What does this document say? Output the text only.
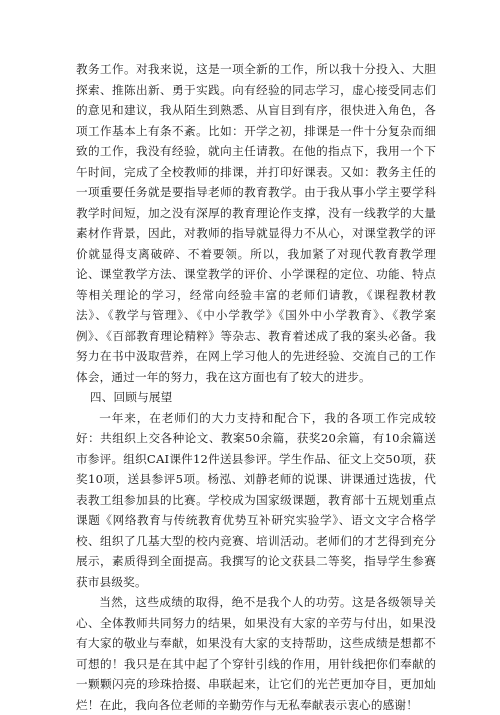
教务工作。对我来说，这是一项全新的工作，所以我十分投入、大胆探索、推陈出新、勇于实践。向有经验的同志学习，虚心接受同志们的意见和建议，我从陌生到熟悉、从盲目到有序，很快进入角色，各项工作基本上有条不紊。比如：开学之初，排课是一件十分复杂而细致的工作，我没有经验，就向主任请教。在他的指点下，我用一个下午时间，完成了全校教师的排课，并打印好课表。又如：教务主任的一项重要任务就是要指导老师的教育教学。由于我从事小学主要学科教学时间短，加之没有深厚的教育理论作支撑，没有一线教学的大量素材作背景，因此，对教师的指导就显得力不从心，对课堂教学的评价就显得支离破碎、不着要领。所以，我加紧了对现代教育教学理论、课堂教学方法、课堂教学的评价、小学课程的定位、功能、特点等相关理论的学习，经常向经验丰富的老师们请教，《课程教材教法》、《教学与管理》、《中小学教学》《国外中小学教育》、《教学案例》、《百部教育理论精粹》等杂志、教育着述成了我的案头必备。我努力在书中汲取营养，在网上学习他人的先进经验、交流自己的工作体会，通过一年的努力，我在这方面也有了较大的进步。

四、回顾与展望

一年来，在老师们的大力支持和配合下，我的各项工作完成较好：共组织上交各种论文、教案50余篇，获奖20余篇，有10余篇送市参评。组织CAI课件12件送县参评。学生作品、征文上交50项，获奖10项，送县参评5项。杨泓、刘静老师的说课、讲课通过选拔，代表教工组参加县的比赛。学校成为国家级课题，教育部十五规划重点课题《网络教育与传统教育优势互补研究实验学》、语文文字合格学校、组织了几基大型的校内竞赛、培训活动。老师们的才艺得到充分展示，素质得到全面提高。我撰写的论文获县二等奖，指导学生参赛获市县级奖。

当然，这些成绩的取得，绝不是我个人的功劳。这是各级领导关心、全体教师共同努力的结果，如果没有大家的辛劳与付出，如果没有大家的敬业与奉献，如果没有大家的支持帮助，这些成绩是想都不可想的！我只是在其中起了个穿针引线的作用，用针线把你们奉献的一颗颗闪亮的珍珠拾掇、串联起来，让它们的光芒更加夺目，更加灿烂！在此，我向各位老师的辛勤劳作与无私奉献表示衷心的感谢！
